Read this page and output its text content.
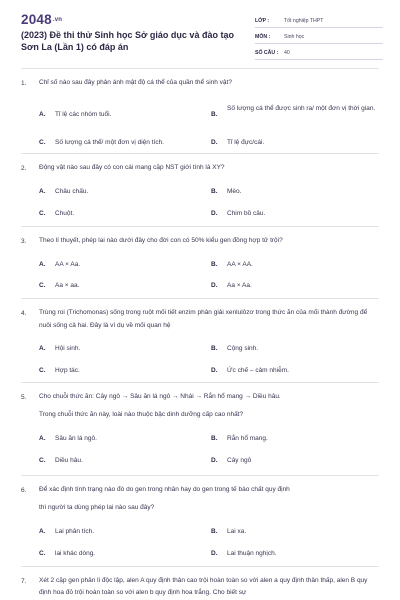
2048.vn
(2023) Đề thi thử Sinh học Sở giáo dục và đào tạo Sơn La (Lần 1) có đáp án
LỚP :	Tốt nghiệp THPT
MÔN :	Sinh học
SỐ CÂU :	40
1. Chỉ số nào sau đây phản ánh mật độ cá thể của quần thể sinh vật?
A. Tỉ lệ các nhóm tuổi.	B.
Số lượng cá thể được sinh ra/ một đơn vị thời gian.
C. Số lượng cá thể/ một đơn vị diện tích.	D. Tỉ lệ đực/cái.
2. Động vật nào sau đây có con cái mang cặp NST giới tính là XY?
A. Châu chấu.	B. Mèo.
C. Chuột.	D. Chim bồ câu.
3. Theo lí thuyết, phép lai nào dưới đây cho đời con có 50% kiểu gen đồng hợp tử trội?
A. AA × Aa.	B. AA × AA.
C. Aa × aa.	D. Aa × Aa.
4. Trùng roi (Trichomonas) sống trong ruột mối tiết enzim phân giải xenlulôzơ trong thức ăn của mối thành đường để nuôi sống cả hai. Đây là ví dụ về mối quan hệ
A. Hội sinh.	B. Cộng sinh.
C. Hợp tác.	D. Ức chế – cảm nhiễm.
5. Cho chuỗi thức ăn: Cây ngô → Sâu ăn lá ngô → Nhái → Rắn hổ mang → Diều hâu.
Trong chuỗi thức ăn này, loài nào thuộc bậc dinh dưỡng cấp cao nhất?
A. Sâu ăn lá ngô.	B. Rắn hổ mang.
C. Diều hâu.	D. Cây ngô
6. Để xác định tính trạng nào đó do gen trong nhân hay do gen trong tế bào chất quy định
thì người ta dùng phép lai nào sau đây?
A. Lai phân tích.	B. Lai xa.
C. lai khác dòng.	D. Lai thuận nghịch.
7. Xét 2 cặp gen phân li độc lập, alen A quy định thân cao trội hoàn toàn so với alen a quy định thân thấp, alen B quy định hoa đỏ trội hoàn toàn so với alen b quy định hoa trắng. Cho biết sự
